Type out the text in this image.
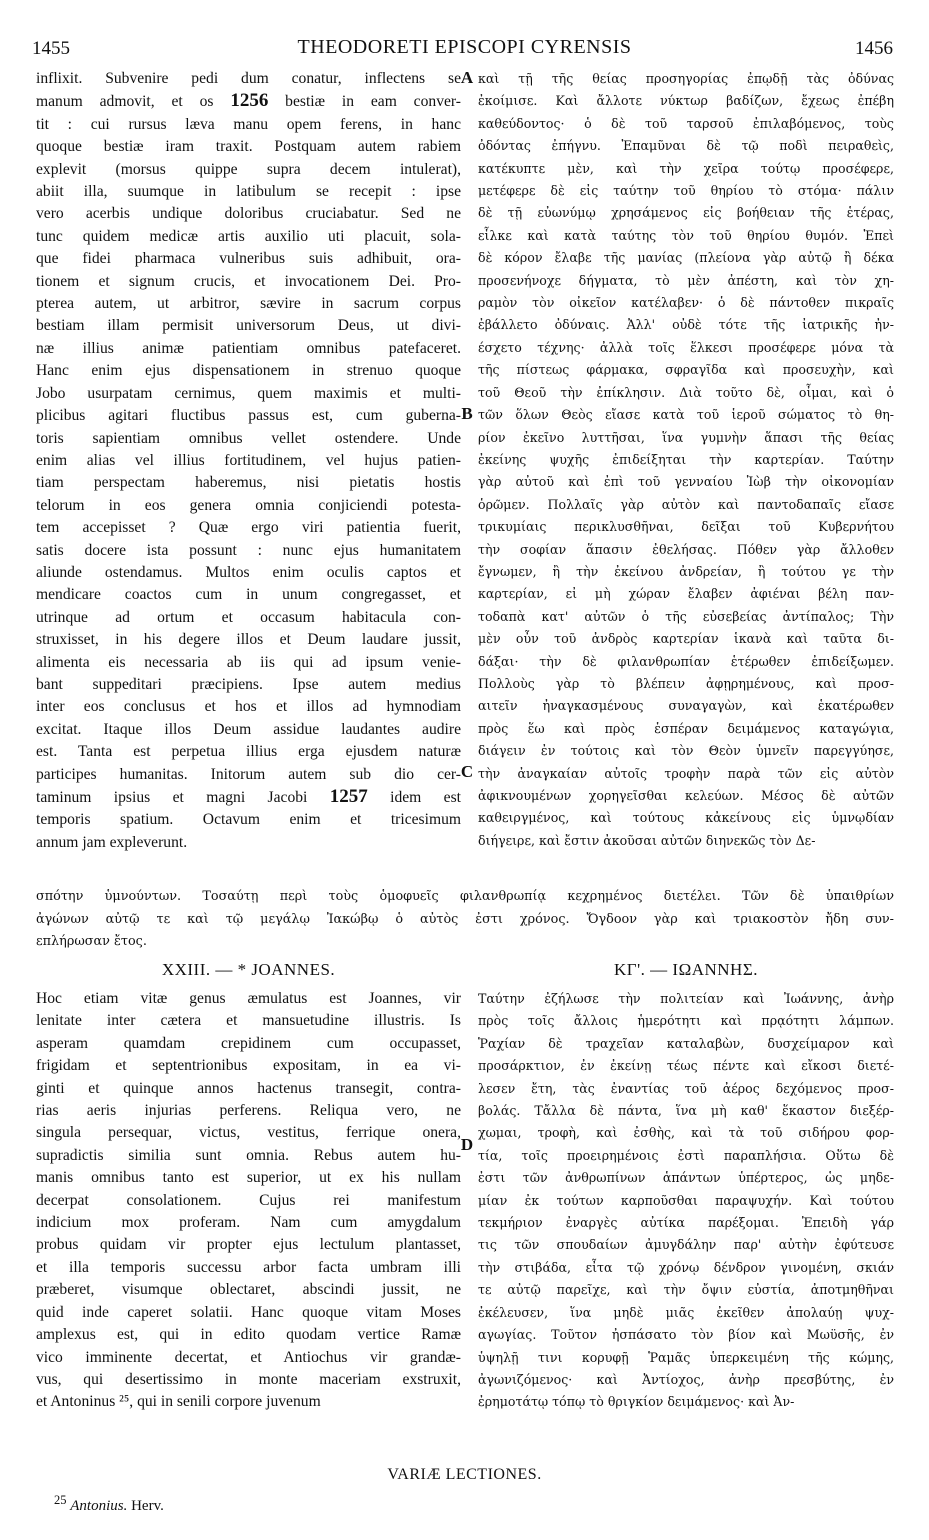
1455	THEODORETI EPISCOPI CYRENSIS	1456
inflixit. Subvenire pedi dum conatur, inflectens se
manum admovit, et os 1256 bestiæ in eam conver-
tit : cui rursus læva manu opem ferens, in hanc
quoque bestiæ iram traxit. Postquam autem rabiem
explevit (morsus quippe supra decem intulerat),
abiit illa, suumque in latibulum se recepit : ipse
vero acerbis undique doloribus cruciabatur. Sed ne
tunc quidem medicæ artis auxilio uti placuit, sola-
que fidei pharmaca vulneribus suis adhibuit, ora-
tionem et signum crucis, et invocationem Dei. Pro-
pterea autem, ut arbitror, sævire in sacrum corpus
bestiam illam permisit universorum Deus, ut divi-
næ illius animæ patientiam omnibus patefaceret.
Hanc enim ejus dispensationem in strenuo quoque
Jobo usurpatam cernimus, quem maximis et multi-
plicibus agitari fluctibus passus est, cum guberna-
toris sapientiam omnibus vellet ostendere. Unde
enim alias vel illius fortitudinem, vel hujus patien-
tiam perspectam haberemus, nisi pietatis hostis
telorum in eos genera omnia conjiciendi potesta-
tem accepisset ? Quæ ergo viri patientia fuerit,
satis docere ista possunt : nunc ejus humanitatem
aliunde ostendamus. Multos enim oculis captos et
mendicare coactos cum in unum congregasset, et
utrinque ad ortum et occasum habitacula con-
struxisset, in his degere illos et Deum laudare jussit,
alimenta eis necessaria ab iis qui ad ipsum venie-
bant suppeditari præcipiens. Ipse autem medius
inter eos conclusus et hos et illos ad hymnodiam
excitat. Itaque illos Deum assidue laudantes audire
est. Tanta est perpetua illius erga ejusdem naturæ
participes humanitas. Initorum autem sub dio cer-
taminum ipsius et magni Jacobi 1257 idem est
temporis spatium. Octavum enim et tricesimum
annum jam expleverunt.
καὶ τῇ τῆς θείας προσηγορίας ἐπῳδῇ τὰς ὀδύνας
ἐκοίμισε. Καὶ ἄλλοτε νύκτωρ βαδίζων, ἔχεως ἐπέβη
καθεύδοντος· ὁ δὲ τοῦ ταρσοῦ ἐπιλαβόμενος, τοὺς
ὀδόντας ἐπήγνυ. Ἐπαμῦναι δὲ τῷ ποδὶ πειραθεὶς,
κατέκυπτε μὲν, καὶ τὴν χεῖρα τούτῳ προσέφερε,
μετέφερε δὲ εἰς ταύτην τοῦ θηρίου τὸ στόμα· πάλιν
δὲ τῇ εὐωνύμῳ χρησάμενος εἰς βοήθειαν τῆς ἑτέρας,
εἷλκε καὶ κατὰ ταύτης τὸν τοῦ θηρίου θυμόν. Ἐπεὶ
δὲ κόρον ἔλαβε τῆς μανίας (πλείονα γὰρ αὐτῷ ἢ δέκα
προσενήνοχε δήγματα, τὸ μὲν ἀπέστη, καὶ τὸν χη-
ραμὸν τὸν οἰκεῖον κατέλαβεν· ὁ δὲ πάντοθεν πικραῖς
ἐβάλλετο ὀδύναις. Ἀλλ' οὐδὲ τότε τῆς ἰατρικῆς ἠν-
έσχετο τέχνης· ἀλλὰ τοῖς ἕλκεσι προσέφερε μόνα τὰ
τῆς πίστεως φάρμακα, σφραγῖδα καὶ προσευχὴν, καὶ
τοῦ Θεοῦ τὴν ἐπίκλησιν. Διὰ τοῦτο δὲ, οἶμαι, καὶ ὁ
τῶν ὅλων Θεὸς εἴασε κατὰ τοῦ ἱεροῦ σώματος τὸ θη-
ρίον ἐκεῖνο λυττῆσαι, ἵνα γυμνὴν ἅπασι τῆς θείας
ἐκείνης ψυχῆς ἐπιδείξηται τὴν καρτερίαν. Ταύτην
γὰρ αὐτοῦ καὶ ἐπὶ τοῦ γενναίου Ἰὼβ τὴν οἰκονομίαν
ὁρῶμεν. Πολλαῖς γὰρ αὐτὸν καὶ παντοδαπαῖς εἴασε
τρικυμίαις περικλυσθῆναι, δεῖξαι τοῦ Κυβερνήτου
τὴν σοφίαν ἅπασιν ἐθελήσας. Πόθεν γὰρ ἄλλοθεν
ἔγνωμεν, ἢ τὴν ἐκείνου ἀνδρείαν, ἢ τούτου γε τὴν
καρτερίαν, εἰ μὴ χώραν ἔλαβεν ἀφιέναι βέλη παν-
τοδαπὰ κατ' αὐτῶν ὁ τῆς εὐσεβείας ἀντίπαλος; Τὴν
μὲν οὖν τοῦ ἀνδρὸς καρτερίαν ἱκανὰ καὶ ταῦτα δι-
δάξαι· τὴν δὲ φιλανθρωπίαν ἑτέρωθεν ἐπιδείξωμεν.
Πολλοὺς γὰρ τὸ βλέπειν ἀφῃρημένους, καὶ προσ-
αιτεῖν ἠναγκασμένους συναγαγὼν, καὶ ἑκατέρωθεν
πρὸς ἕω καὶ πρὸς ἑσπέραν δειμάμενος καταγώγια,
διάγειν ἐν τούτοις καὶ τὸν Θεὸν ὑμνεῖν παρεγγύησε,
τὴν ἀναγκαίαν αὐτοῖς τροφὴν παρὰ τῶν εἰς αὐτὸν
ἀφικνουμένων χορηγεῖσθαι κελεύων. Μέσος δὲ αὐτῶν
καθειργμένος, καὶ τούτους κἀκείνους εἰς ὑμνῳδίαν
διήγειρε, καὶ ἔστιν ἀκοῦσαι αὐτῶν διηνεκῶς τὸν Δε-
A
B
C
D
σπότην ὑμνούντων. Τοσαύτῃ περὶ τοὺς ὁμοφυεῖς φιλανθρωπίᾳ κεχρημένος διετέλει. Τῶν δὲ ὑπαιθρίων
ἀγώνων αὐτῷ τε καὶ τῷ μεγάλῳ Ἰακώβῳ ὁ αὐτὸς ἐστι χρόνος. Ὄγδοον γὰρ καὶ τριακοστὸν ἤδη συν-
επλήρωσαν ἔτος.
XXIII. — * JOANNES.	ΚΓ'. — ΙΩΑΝΝΗΣ.
Hoc etiam vitæ genus æmulatus est Joannes, vir
lenitate inter cætera et mansuetudine illustris. Is
asperam quamdam crepidinem cum occupasset,
frigidam et septentrionibus expositam, in ea vi-
ginti et quinque annos hactenus transegit, contra-
rias aeris injurias perferens. Reliqua vero, ne
singula persequar, victus, vestitus, ferrique onera,
supradictis similia sunt omnia. Rebus autem hu-
manis omnibus tanto est superior, ut ex his nullam
decerpat consolationem. Cujus rei manifestum
indicium mox proferam. Nam cum amygdalum
probus quidam vir propter ejus lectulum plantasset,
et illa temporis successu arbor facta umbram illi
præberet, visumque oblectaret, abscindi jussit, ne
quid inde caperet solatii. Hanc quoque vitam Moses
amplexus est, qui in edito quodam vertice Ramæ
vico imminente decertat, et Antiochus vir grandæ-
vus, qui desertissimo in monte maceriam exstruxit,
et Antoninus ²⁵, qui in senili corpore juvenum
Ταύτην ἐζήλωσε τὴν πολιτείαν καὶ Ἰωάννης, ἀνὴρ
πρὸς τοῖς ἄλλοις ἡμερότητι καὶ πρᾳότητι λάμπων.
Ῥαχίαν δὲ τραχεῖαν καταλαβὼν, δυσχείμαρον καὶ
προσάρκτιον, ἐν ἐκείνῃ τέως πέντε καὶ εἴκοσι διετέ-
λεσεν ἔτη, τὰς ἐναντίας τοῦ ἀέρος δεχόμενος προσ-
βολάς. Τἄλλα δὲ πάντα, ἵνα μὴ καθ' ἕκαστον διεξέρ-
χωμαι, τροφὴ, καὶ ἐσθὴς, καὶ τὰ τοῦ σιδήρου φορ-
τία, τοῖς προειρημένοις ἐστὶ παραπλήσια. Οὕτω δὲ
ἐστι τῶν ἀνθρωπίνων ἁπάντων ὑπέρτερος, ὡς μηδε-
μίαν ἐκ τούτων καρποῦσθαι παραψυχήν. Καὶ τούτου
τεκμήριον ἐναργὲς αὐτίκα παρέξομαι. Ἐπειδὴ γάρ
τις τῶν σπουδαίων ἀμυγδάλην παρ' αὐτὴν ἐφύτευσε
τὴν στιβάδα, εἶτα τῷ χρόνῳ δένδρον γινομένη, σκιάν
τε αὐτῷ παρεῖχε, καὶ τὴν ὄψιν εὐστία, ἀποτμηθῆναι
ἐκέλευσεν, ἵνα μηδὲ μιᾶς ἐκεῖθεν ἀπολαύῃ ψυχ-
αγωγίας. Τοῦτον ἠσπάσατο τὸν βίον καὶ Μωϋσῆς, ἐν
ὑψηλῇ τινι κορυφῇ Ῥαμᾶς ὑπερκειμένη τῆς κώμης,
ἀγωνιζόμενος· καὶ Ἀντίοχος, ἀνὴρ πρεσβύτης, ἐν
ἐρημοτάτῳ τόπῳ τὸ θριγκίον δειμάμενος· καὶ Ἀν-
VARIÆ LECTIONES.
$^{25}$ Antonius. Herv.
